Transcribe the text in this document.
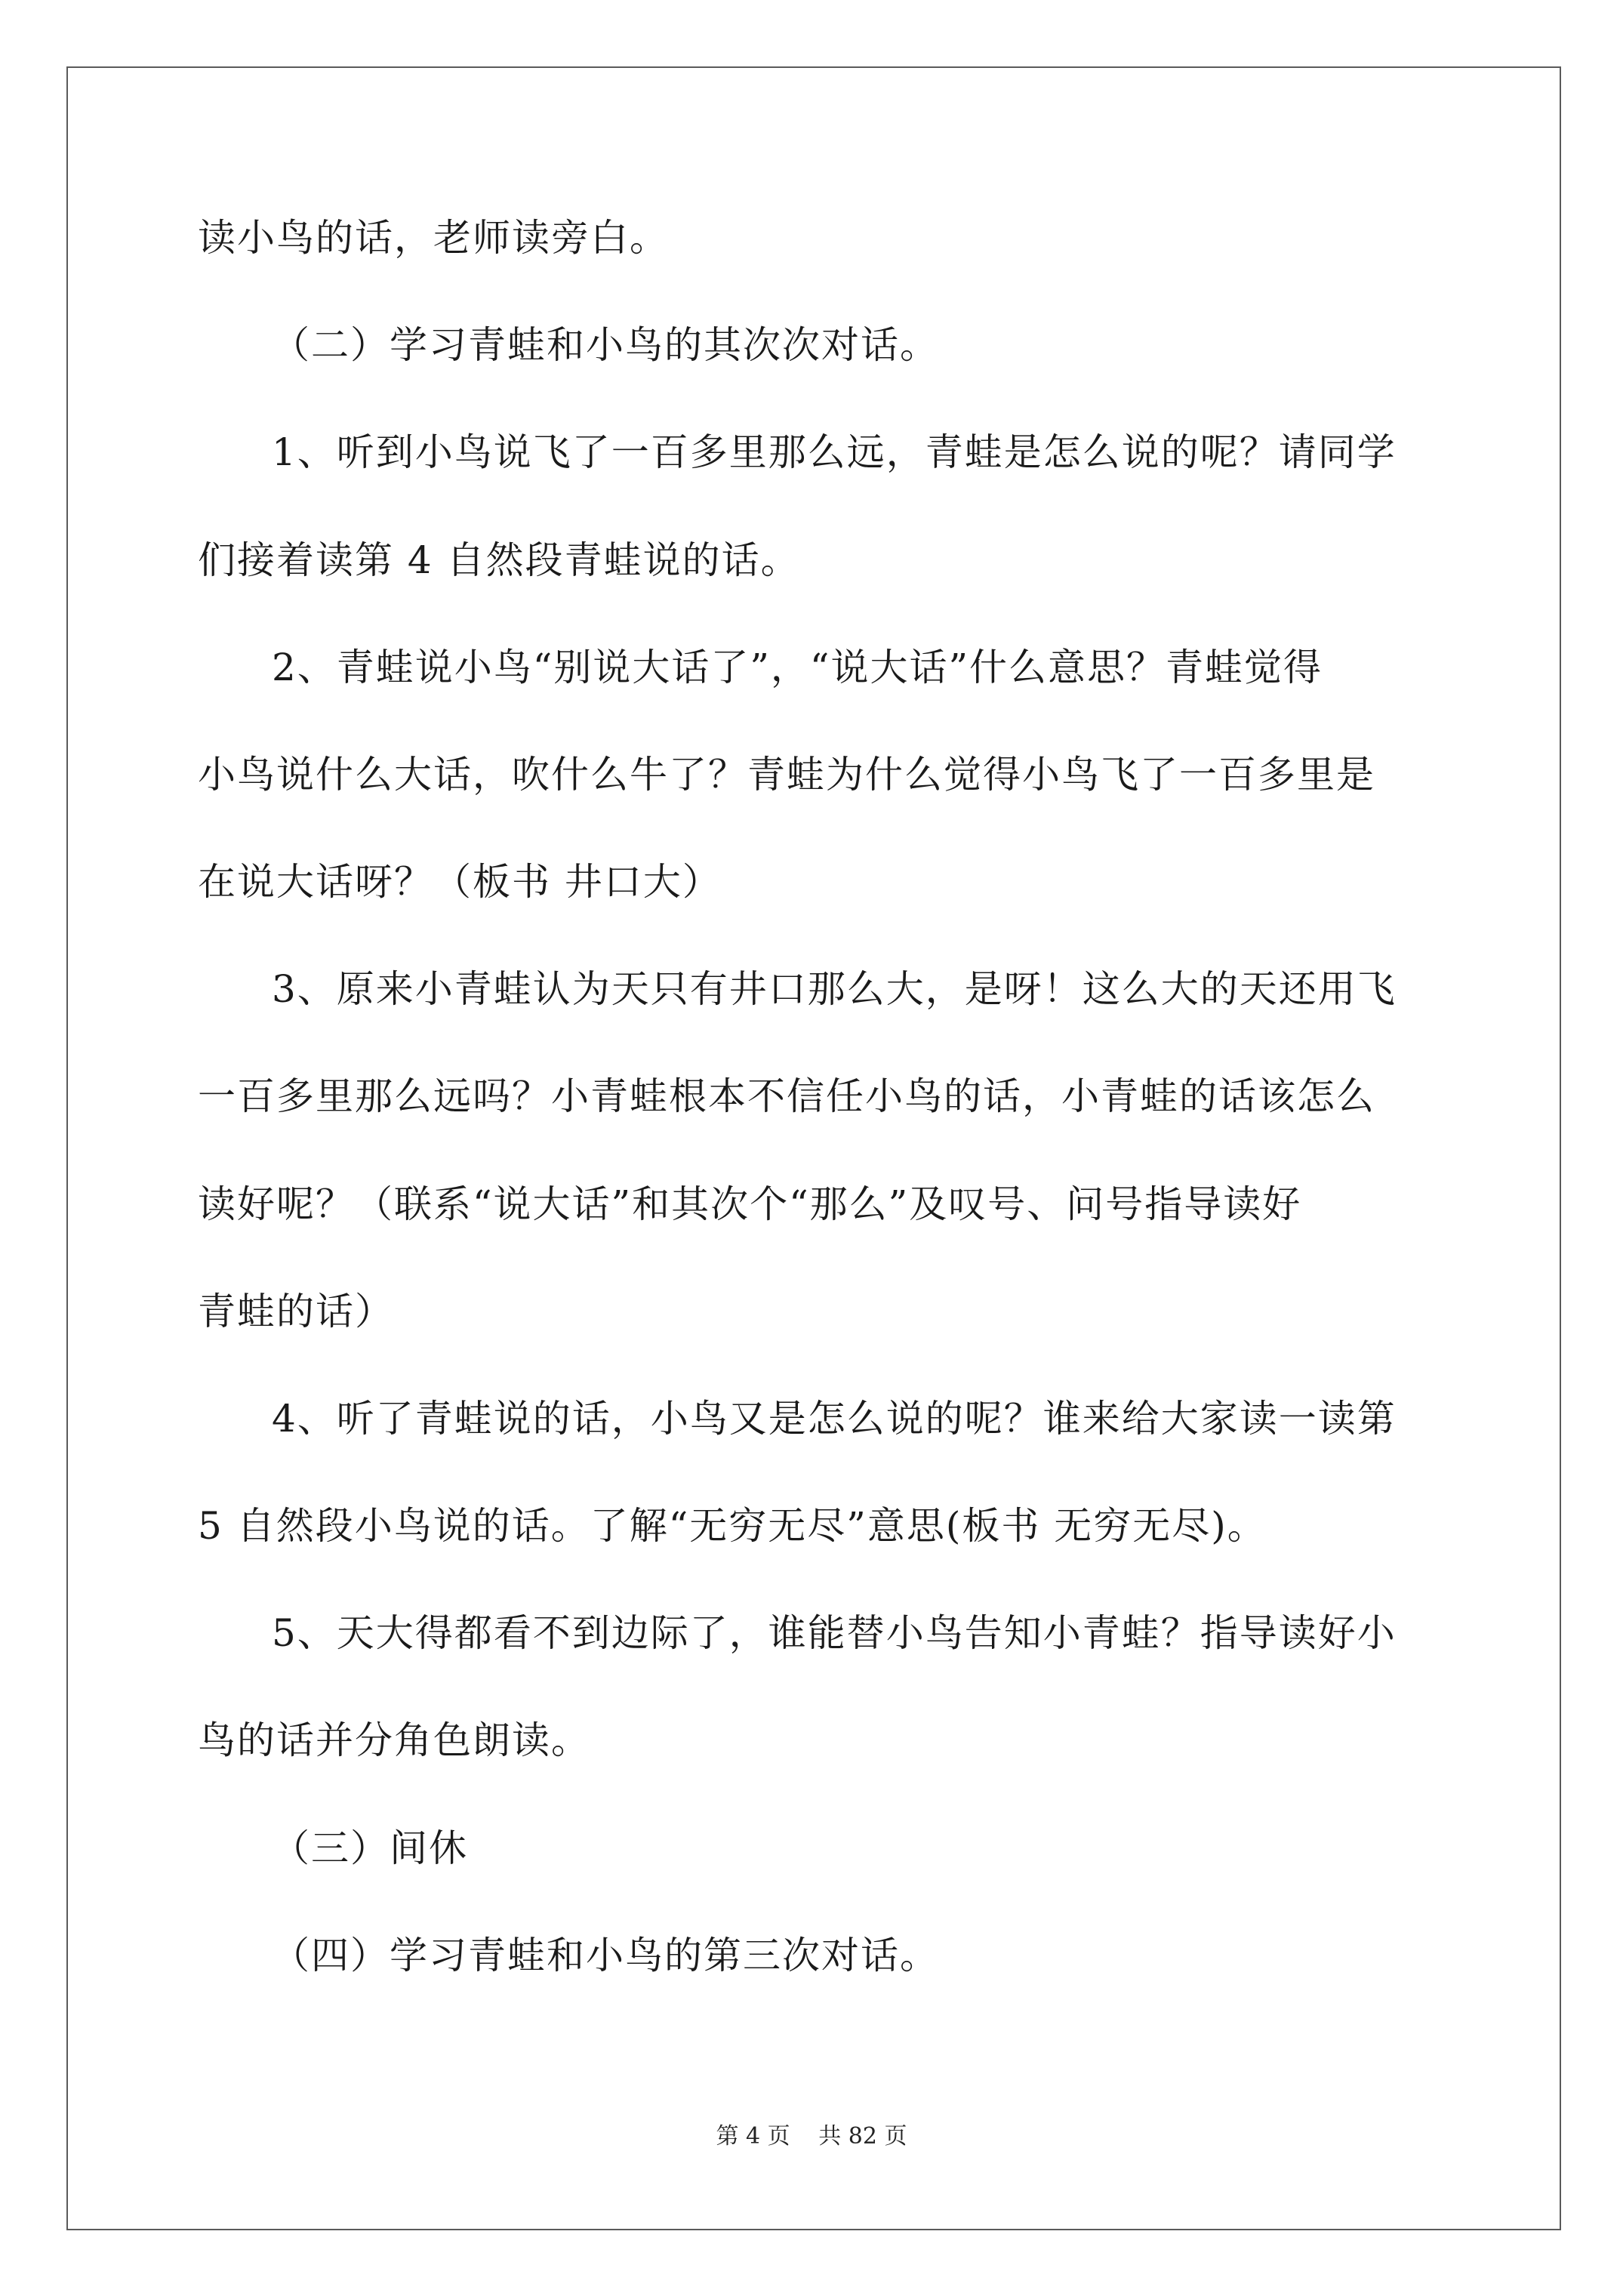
读小鸟的话，老师读旁白。
（二）学习青蛙和小鸟的其次次对话。
1、听到小鸟说飞了一百多里那么远，青蛙是怎么说的呢？请同学
们接着读第 4 自然段青蛙说的话。
2、青蛙说小鸟“别说大话了”，“说大话”什么意思？青蛙觉得
小鸟说什么大话，吹什么牛了？青蛙为什么觉得小鸟飞了一百多里是
在说大话呀？（板书 井口大）
3、原来小青蛙认为天只有井口那么大，是呀！这么大的天还用飞
一百多里那么远吗？小青蛙根本不信任小鸟的话，小青蛙的话该怎么
读好呢？（联系“说大话”和其次个“那么”及叹号、问号指导读好
青蛙的话）
4、听了青蛙说的话，小鸟又是怎么说的呢？谁来给大家读一读第
5 自然段小鸟说的话。了解“无穷无尽”意思(板书 无穷无尽)。
5、天大得都看不到边际了，谁能替小鸟告知小青蛙？指导读好小
鸟的话并分角色朗读。
（三）间休
（四）学习青蛙和小鸟的第三次对话。
第 4 页 共 82 页
